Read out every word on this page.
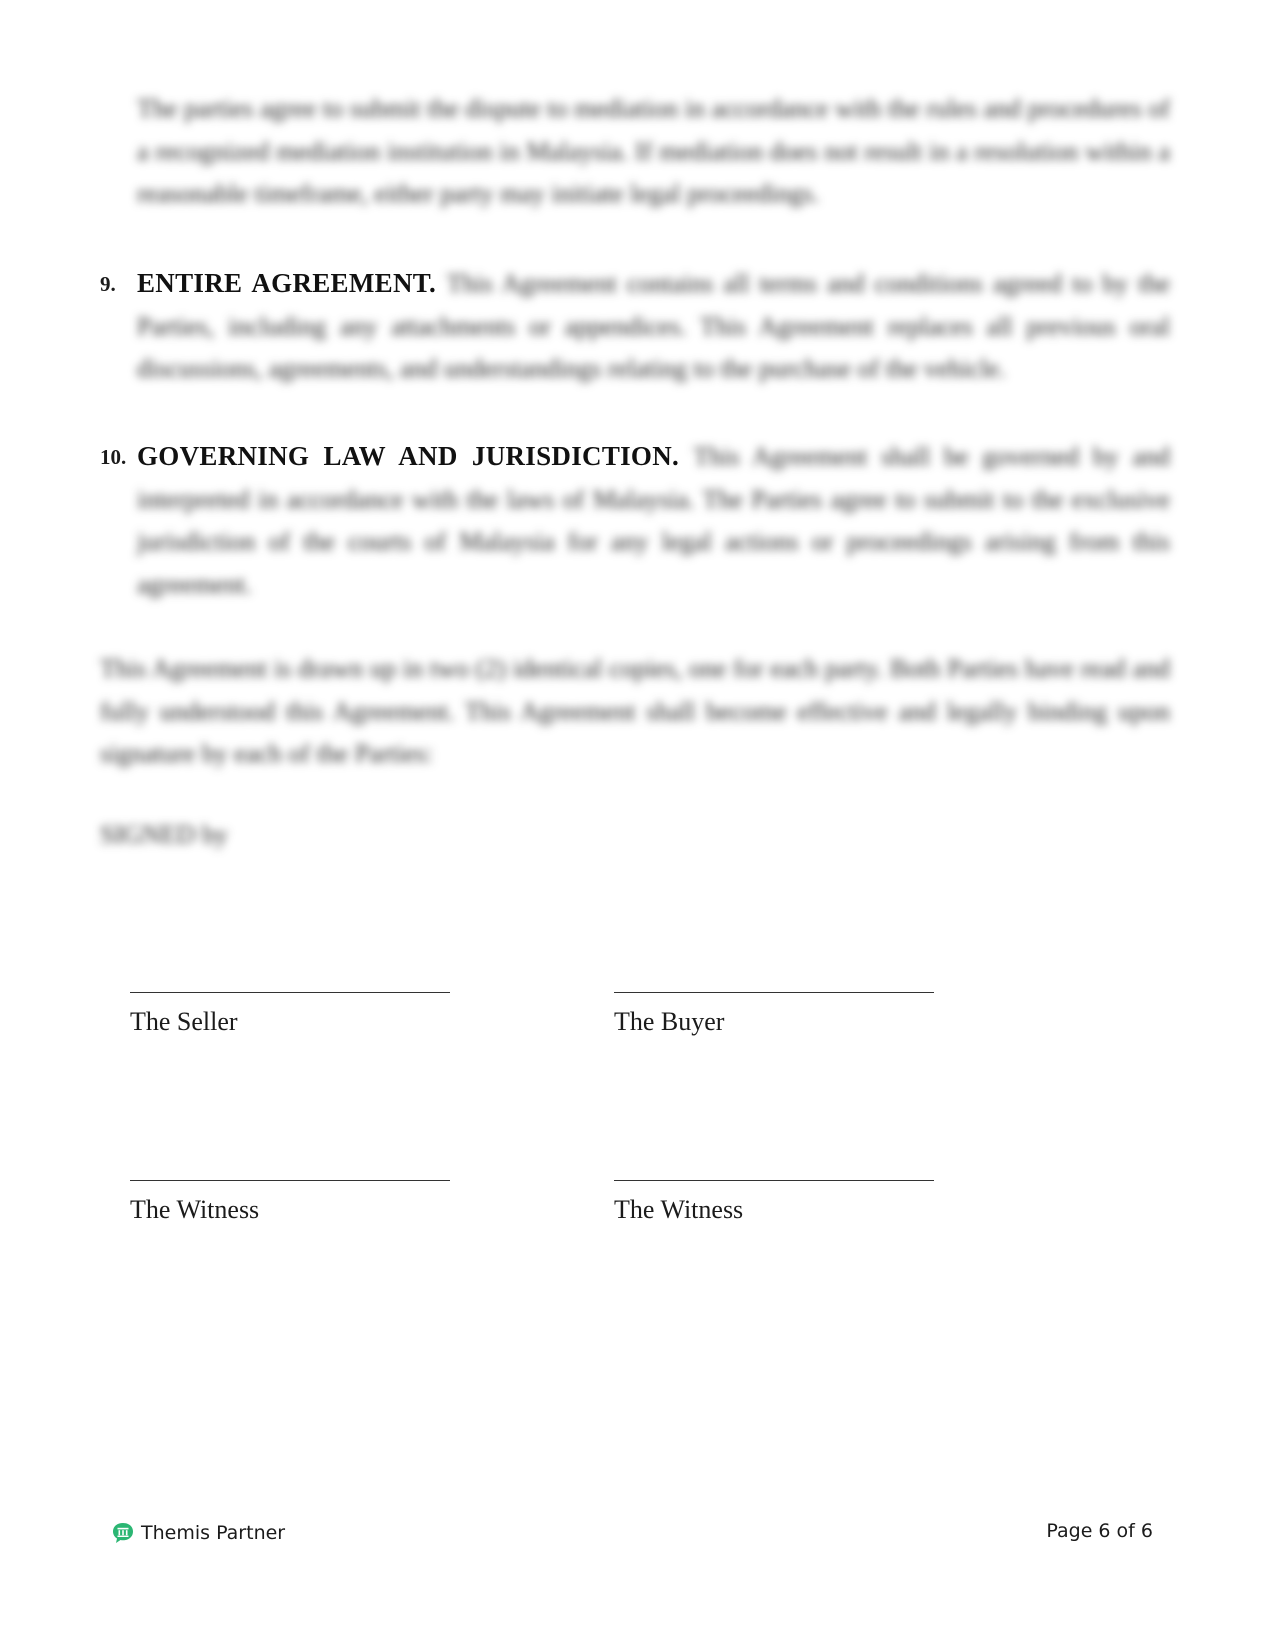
The parties agree to submit the dispute to mediation in accordance with the rules and procedures of a recognized mediation institution in Malaysia. If mediation does not result in a resolution within a reasonable timeframe, either party may initiate legal proceedings.
9. ENTIRE AGREEMENT. This Agreement contains all terms and conditions agreed to by the Parties, including any attachments or appendices. This Agreement replaces all previous oral discussions, agreements, and understandings relating to the purchase of the vehicle.
10. GOVERNING LAW AND JURISDICTION. This Agreement shall be governed by and interpreted in accordance with the laws of Malaysia. The Parties agree to submit to the exclusive jurisdiction of the courts of Malaysia for any legal actions or proceedings arising from this agreement.
This Agreement is drawn up in two (2) identical copies, one for each party. Both Parties have read and fully understood this Agreement. This Agreement shall become effective and legally binding upon signature by each of the Parties:
SIGNED by
The Seller	The Buyer
The Witness	The Witness
Themis Partner	Page 6 of 6
